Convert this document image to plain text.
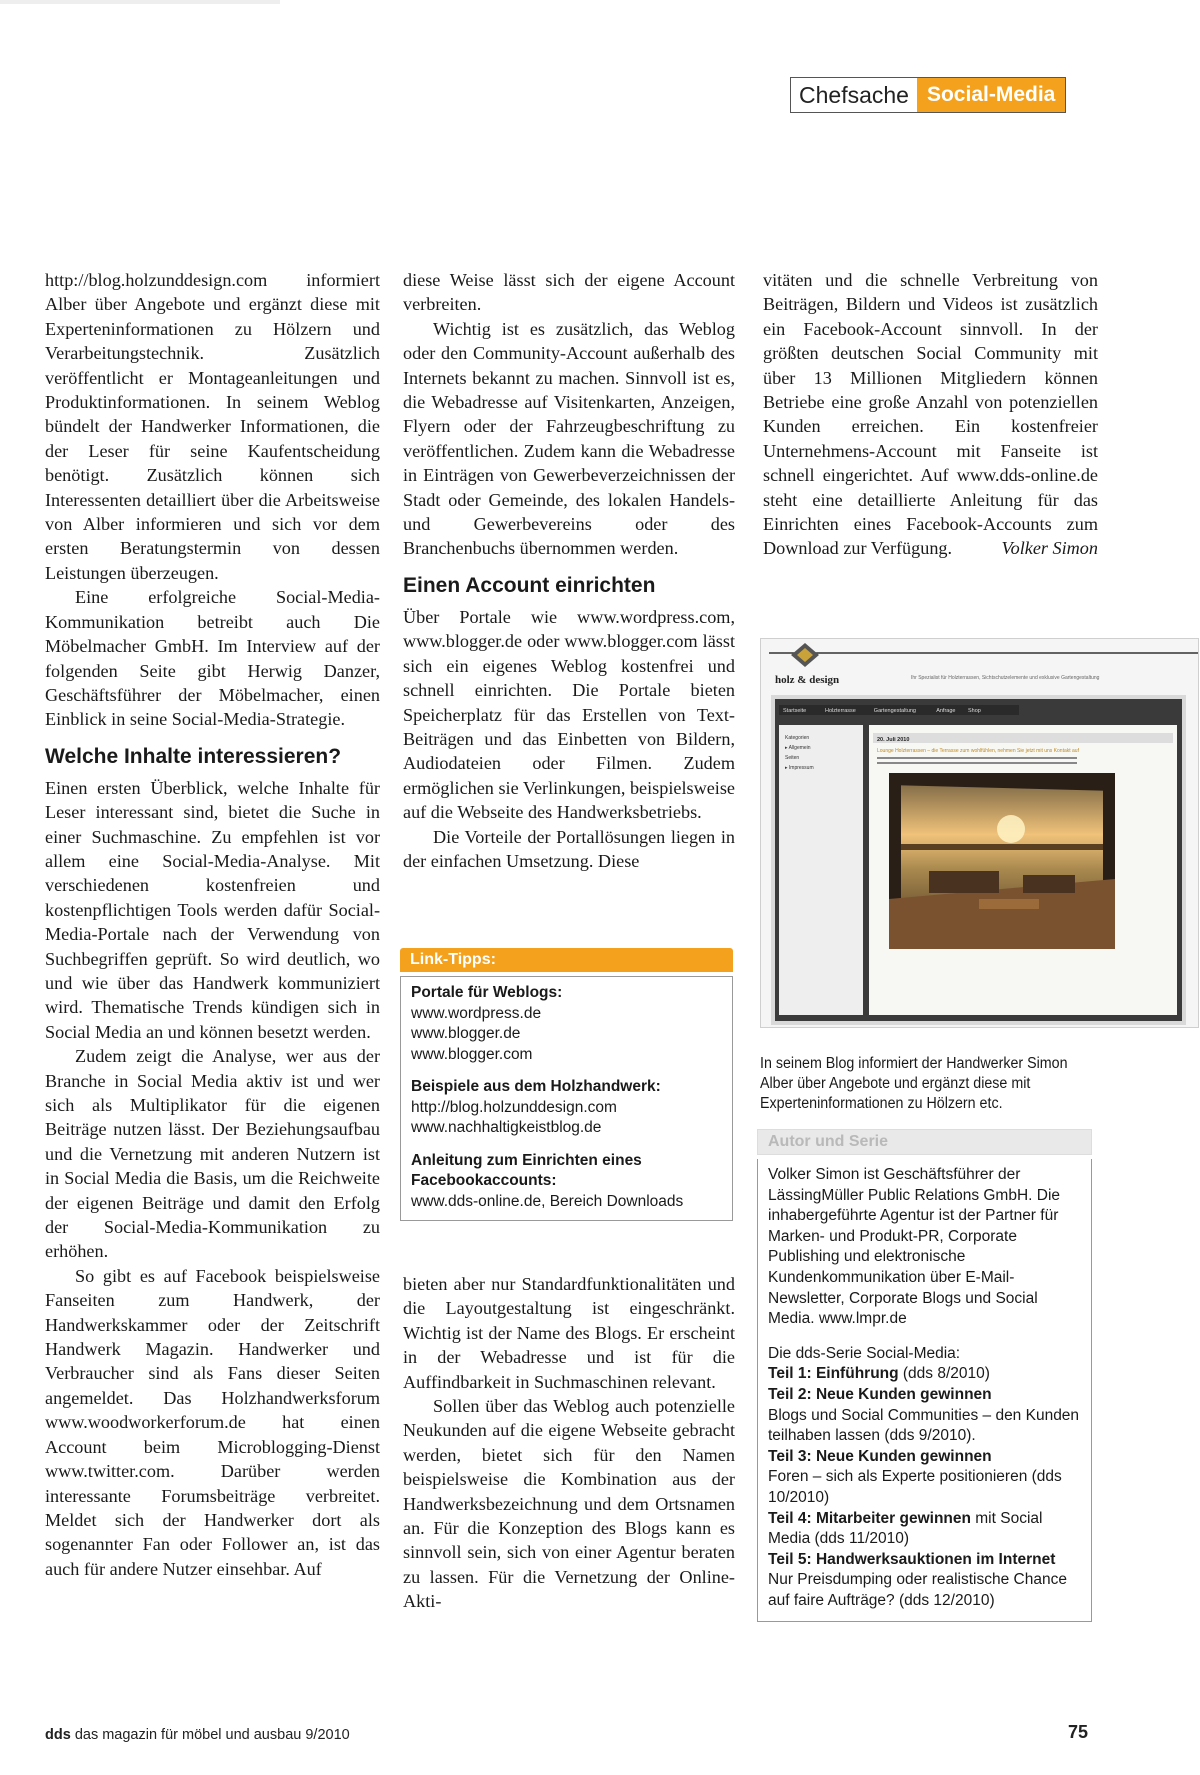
Chefsache Social-Media

http://blog.holzunddesign.com informiert Alber über Angebote und ergänzt diese mit Experteninformationen zu Hölzern und Verarbeitungstechnik. Zusätzlich veröffentlicht er Montageanleitungen und Produktinformationen. In seinem Weblog bündelt der Handwerker Informationen, die der Leser für seine Kaufentscheidung benötigt. Zusätzlich können sich Interessenten detailliert über die Arbeitsweise von Alber informieren und sich vor dem ersten Beratungstermin von dessen Leistungen überzeugen.

Eine erfolgreiche Social-Media-Kommunikation betreibt auch Die Möbelmacher GmbH. Im Interview auf der folgenden Seite gibt Herwig Danzer, Geschäftsführer der Möbelmacher, einen Einblick in seine Social-Media-Strategie.

Welche Inhalte interessieren?

Einen ersten Überblick, welche Inhalte für Leser interessant sind, bietet die Suche in einer Suchmaschine. Zu empfehlen ist vor allem eine Social-Media-Analyse. Mit verschiedenen kostenfreien und kostenpflichtigen Tools werden dafür Social-Media-Portale nach der Verwendung von Suchbegriffen geprüft. So wird deutlich, wo und wie über das Handwerk kommuniziert wird. Thematische Trends kündigen sich in Social Media an und können besetzt werden.

Zudem zeigt die Analyse, wer aus der Branche in Social Media aktiv ist und wer sich als Multiplikator für die eigenen Beiträge nutzen lässt. Der Beziehungsaufbau und die Vernetzung mit anderen Nutzern ist in Social Media die Basis, um die Reichweite der eigenen Beiträge und damit den Erfolg der Social-Media-Kommunikation zu erhöhen.

So gibt es auf Facebook beispielsweise Fanseiten zum Handwerk, der Handwerkskammer oder der Zeitschrift Handwerk Magazin. Handwerker und Verbraucher sind als Fans dieser Seiten angemeldet. Das Holzhandwerksforum www.woodworkerforum.de hat einen Account beim Microblogging-Dienst www.twitter.com. Darüber werden interessante Forumsbeiträge verbreitet. Meldet sich der Handwerker dort als sogenannter Fan oder Follower an, ist das auch für andere Nutzer einsehbar. Auf

diese Weise lässt sich der eigene Account verbreiten.

Wichtig ist es zusätzlich, das Weblog oder den Community-Account außerhalb des Internets bekannt zu machen. Sinnvoll ist es, die Webadresse auf Visitenkarten, Anzeigen, Flyern oder der Fahrzeugbeschriftung zu veröffentlichen. Zudem kann die Webadresse in Einträgen von Gewerbeverzeichnissen der Stadt oder Gemeinde, des lokalen Handels- und Gewerbevereins oder des Branchenbuchs übernommen werden.

Einen Account einrichten

Über Portale wie www.wordpress.com, www.blogger.de oder www.blogger.com lässt sich ein eigenes Weblog kostenfrei und schnell einrichten. Die Portale bieten Speicherplatz für das Erstellen von Text-Beiträgen und das Einbetten von Bildern, Audiodateien oder Filmen. Zudem ermöglichen sie Verlinkungen, beispielsweise auf die Webseite des Handwerksbetriebs.

Die Vorteile der Portallösungen liegen in der einfachen Umsetzung. Diese

bieten aber nur Standardfunktionalitäten und die Layoutgestaltung ist eingeschränkt. Wichtig ist der Name des Blogs. Er erscheint in der Webadresse und ist für die Auffindbarkeit in Suchmaschinen relevant.

Sollen über das Weblog auch potenzielle Neukunden auf die eigene Webseite gebracht werden, bietet sich für den Namen beispielsweise die Kombination aus der Handwerksbezeichnung und dem Ortsnamen an. Für die Konzeption des Blogs kann es sinnvoll sein, sich von einer Agentur beraten zu lassen. Für die Vernetzung der Online-Akti-

Link-Tipps:
Portale für Weblogs:
www.wordpress.de
www.blogger.de
www.blogger.com
Beispiele aus dem Holzhandwerk:
http://blog.holzunddesign.com
www.nachhaltigkeistblog.de
Anleitung zum Einrichten eines Facebookaccounts:
www.dds-online.de, Bereich Downloads

vitäten und die schnelle Verbreitung von Beiträgen, Bildern und Videos ist zusätzlich ein Facebook-Account sinnvoll. In der größten deutschen Social Community mit über 13 Millionen Mitgliedern können Betriebe eine große Anzahl von potenziellen Kunden erreichen. Ein kostenfreier Unternehmens-Account mit Fanseite ist schnell eingerichtet. Auf www.dds-online.de steht eine detaillierte Anleitung für das Einrichten eines Facebook-Accounts zum Download zur Verfügung.	Volker Simon

holz & design	Ihr Spezialist für Holzterrassen, Sichtschutzelemente und exklusive Gartengestaltung
Startseite	Holzterrasse	Gartengestaltung	Anfrage Shop
Kategorien
▸ Allgemein
Seiten
▸ Impressum
20. Juli 2010
Lounge Holzterrassen – die Terrasse zum wohlfühlen, nehmen Sie jetzt mit uns Kontakt auf
In seinem Blog informiert der Handwerker Simon Alber über Angebote und ergänzt diese mit Experteninformationen zu Hölzern etc.
Autor und Serie
Volker Simon ist Geschäftsführer der LässingMüller Public Relations GmbH. Die inhabergeführte Agentur ist der Partner für Marken- und Produkt-PR, Corporate Publishing und elektronische Kundenkommunikation über E-Mail-Newsletter, Corporate Blogs und Social Media. www.lmpr.de
Die dds-Serie Social-Media:
Teil 1: Einführung (dds 8/2010)
Teil 2: Neue Kunden gewinnen
Blogs und Social Communities – den Kunden teilhaben lassen (dds 9/2010).
Teil 3: Neue Kunden gewinnen
Foren – sich als Experte positionieren (dds 10/2010)
Teil 4: Mitarbeiter gewinnen mit Social Media (dds 11/2010)
Teil 5: Handwerksauktionen im Internet
Nur Preisdumping oder realistische Chance auf faire Aufträge? (dds 12/2010)
dds das magazin für möbel und ausbau 9/2010	75
